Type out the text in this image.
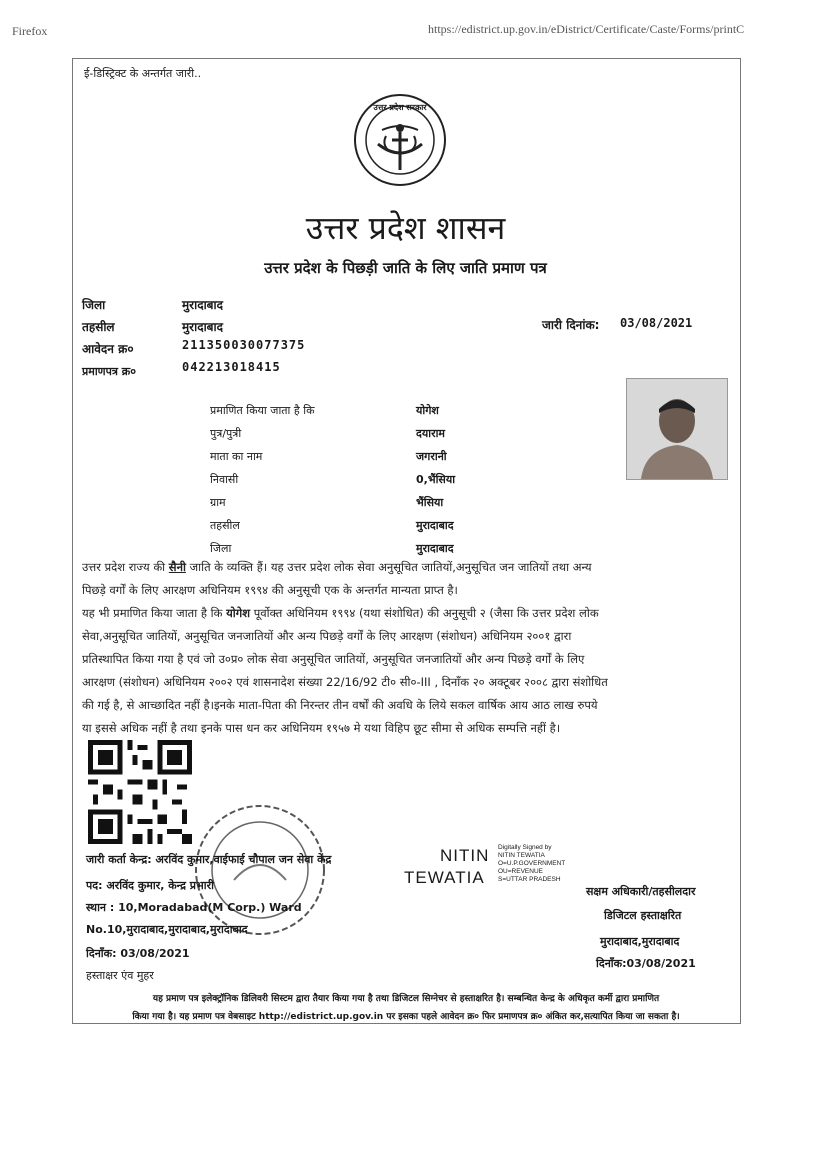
Firefox	https://edistrict.up.gov.in/eDistrict/Certificate/Caste/Forms/printC
ई-डिस्ट्रिक्ट के अन्तर्गत जारी..
उत्तर प्रदेश सरकार
उत्तर प्रदेश शासन
उत्तर प्रदेश के पिछड़ी जाति के लिए जाति प्रमाण पत्र
जिला	मुरादाबाद
तहसील	मुरादाबाद
आवेदन क्र०	211350030077375
प्रमाणपत्र क्र०	042213018415
जारी दिनांक: 03/08/2021
प्रमाणित किया जाता है कि	योगेश
पुत्र/पुत्री	दयाराम
माता का नाम	जगरानी
निवासी	0,भैंसिया
ग्राम	भैंसिया
तहसील	मुरादाबाद
जिला	मुरादाबाद
उत्तर प्रदेश राज्य की सैनी जाति के व्यक्ति हैं। यह उत्तर प्रदेश लोक सेवा अनुसूचित जातियों,अनुसूचित जन जातियों तथा अन्य
पिछड़े वर्गों के लिए आरक्षण अधिनियम १९९४ की अनुसूची एक के अन्तर्गत मान्यता प्राप्त है।
यह भी प्रमाणित किया जाता है कि योगेश पूर्वोक्त अधिनियम १९९४ (यथा संशोधित) की अनुसूची २ (जैसा कि उत्तर प्रदेश लोक
सेवा,अनुसूचित जातियों, अनुसूचित जनजातियों और अन्य पिछड़े वर्गों के लिए आरक्षण (संशोधन) अधिनियम २००१ द्वारा
प्रतिस्थापित किया गया है एवं जो उ०प्र० लोक सेवा अनुसूचित जातियों, अनुसूचित जनजातियों और अन्य पिछड़े वर्गों के लिए
आरक्षण (संशोधन) अधिनियम २००२ एवं शासनादेश संख्या 22/16/92 टी० सी०-III , दिनाँक २० अक्टूबर २००८ द्वारा संशोधित
की गई है, से आच्छादित नहीं है।इनके माता-पिता की निरन्तर तीन वर्षों की अवधि के लिये सकल वार्षिक आय आठ लाख रुपये
या इससे अधिक नहीं है तथा इनके पास धन कर अधिनियम १९५७ मे यथा विहिप छूट सीमा से अधिक सम्पत्ति नहीं है।
जारी कर्ता केन्द्र: अरविंद कुमार,वाईफाई चौपाल जन सेवा केंद्र
पद: अरविंद कुमार, केन्द्र प्रभारी
स्थान : 10,Moradabad(M Corp.) Ward
No.10,मुरादाबाद,मुरादाबाद,मुरादाबाद
दिनाँक: 03/08/2021
हस्ताक्षर एंव मुहर
NITIN
TEWATIA
Digitally Signed by
NITIN TEWATIA
O=U.P.GOVERNMENT
OU=REVENUE
S=UTTAR PRADESH
सक्षम अधिकारी/तहसीलदार
डिजिटल हस्ताक्षरित
मुरादाबाद,मुरादाबाद
दिनाँक:03/08/2021
यह प्रमाण पत्र इलेक्ट्रॉनिक डिलिवरी सिस्टम द्वारा तैयार किया गया है तथा डिजिटल सिग्नेचर से हस्ताक्षरित है। सम्बन्धित केन्द्र के अधिकृत कर्मी द्वारा प्रमाणित
किया गया है। यह प्रमाण पत्र वेबसाइट http://edistrict.up.gov.in पर इसका पहले आवेदन क्र० फिर प्रमाणपत्र क्र० अंकित कर,सत्यापित किया जा सकता है।
